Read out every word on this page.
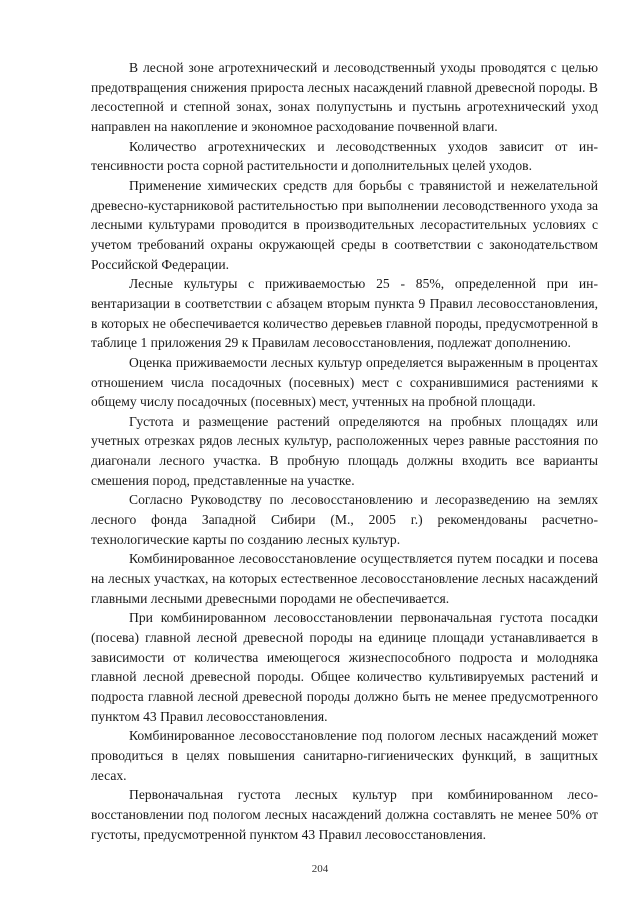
В лесной зоне агротехнический и лесоводственный уходы проводятся с целью предотвращения снижения прироста лесных насаждений главной древесной породы. В лесостепной и степной зонах, зонах полупустынь и пустынь агротехнический уход направлен на накопление и экономное расходование почвенной влаги.

Количество агротехнических и лесоводственных уходов зависит от интенсивности роста сорной растительности и дополнительных целей уходов.

Применение химических средств для борьбы с травянистой и нежелательной древесно-кустарниковой растительностью при выполнении лесоводственного ухода за лесными культурами проводится в производительных лесорастительных условиях с учетом требований охраны окружающей среды в соответствии с законодательством Российской Федерации.

Лесные культуры с приживаемостью 25 - 85%, определенной при инвентаризации в соответствии с абзацем вторым пункта 9 Правил лесовосстановления, в которых не обеспечивается количество деревьев главной породы, предусмотренной в таблице 1 приложения 29 к Правилам лесовосстановления, подлежат дополнению.

Оценка приживаемости лесных культур определяется выраженным в процентах отношением числа посадочных (посевных) мест с сохранившимися растениями к общему числу посадочных (посевных) мест, учтенных на пробной площади.

Густота и размещение растений определяются на пробных площадях или учетных отрезках рядов лесных культур, расположенных через равные расстояния по диагонали лесного участка. В пробную площадь должны входить все варианты смешения пород, представленные на участке.

Согласно Руководству по лесовосстановлению и лесоразведению на землях лесного фонда Западной Сибири (М., 2005 г.) рекомендованы расчетно-технологические карты по созданию лесных культур.

Комбинированное лесовосстановление осуществляется путем посадки и посева на лесных участках, на которых естественное лесовосстановление лесных насаждений главными лесными древесными породами не обеспечивается.

При комбинированном лесовосстановлении первоначальная густота посадки (посева) главной лесной древесной породы на единице площади устанавливается в зависимости от количества имеющегося жизнеспособного подроста и молодняка главной лесной древесной породы. Общее количество культивируемых растений и подроста главной лесной древесной породы должно быть не менее предусмотренного пунктом 43 Правил лесовосстановления.

Комбинированное лесовосстановление под пологом лесных насаждений может проводиться в целях повышения санитарно-гигиенических функций, в защитных лесах.

Первоначальная густота лесных культур при комбинированном лесовосстановлении под пологом лесных насаждений должна составлять не менее 50% от густоты, предусмотренной пунктом 43 Правил лесовосстановления.

204
